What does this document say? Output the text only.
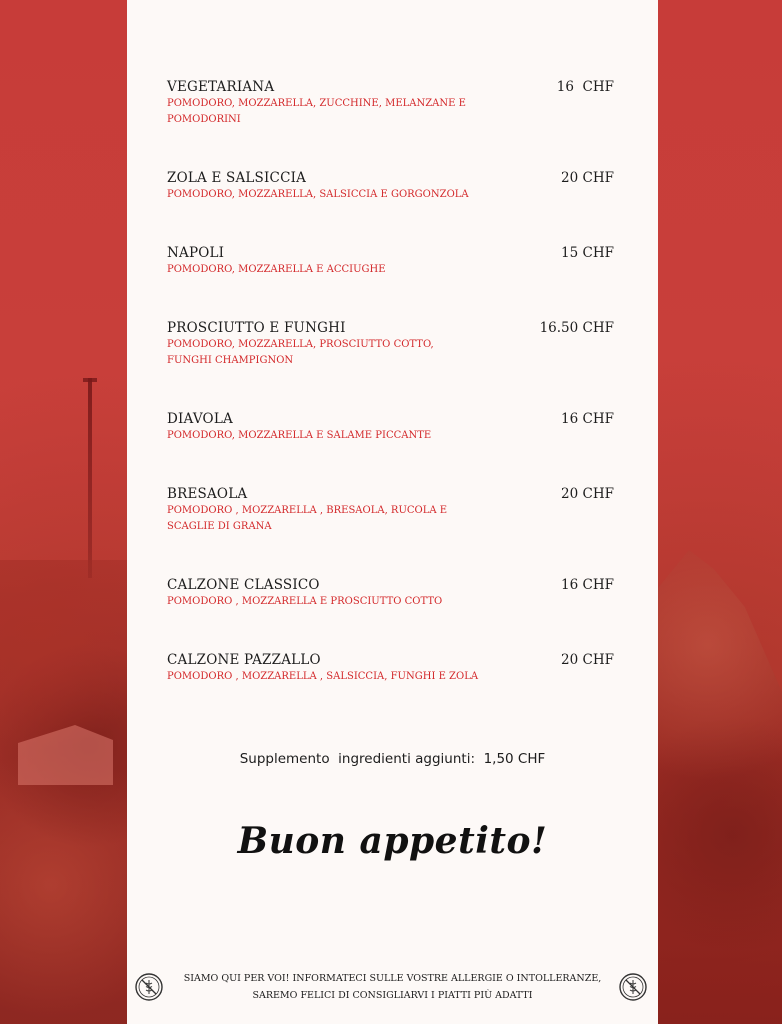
VEGETARIANA	16  CHF
POMODORO, MOZZARELLA, ZUCCHINE, MELANZANE E POMODORINI
ZOLA E SALSICCIA	20 CHF
POMODORO, MOZZARELLA, SALSICCIA E GORGONZOLA
NAPOLI	15 CHF
POMODORO, MOZZARELLA E ACCIUGHE
PROSCIUTTO E FUNGHI	16.50 CHF
POMODORO, MOZZARELLA, PROSCIUTTO COTTO, FUNGHI CHAMPIGNON
DIAVOLA	16 CHF
POMODORO, MOZZARELLA E SALAME PICCANTE
BRESAOLA	20 CHF
POMODORO , MOZZARELLA , BRESAOLA, RUCOLA E SCAGLIE DI GRANA
CALZONE CLASSICO	16 CHF
POMODORO , MOZZARELLA E PROSCIUTTO COTTO
CALZONE PAZZALLO	20 CHF
POMODORO , MOZZARELLA , SALSICCIA, FUNGHI E ZOLA
Supplemento  ingredienti aggiunti:  1,50 CHF
Buon appetito!
SIAMO QUI PER VOI! INFORMATECI SULLE VOSTRE ALLERGIE O INTOLLERANZE,
SAREMO FELICI DI CONSIGLIARVI I PIATTI PIÙ ADATTI
